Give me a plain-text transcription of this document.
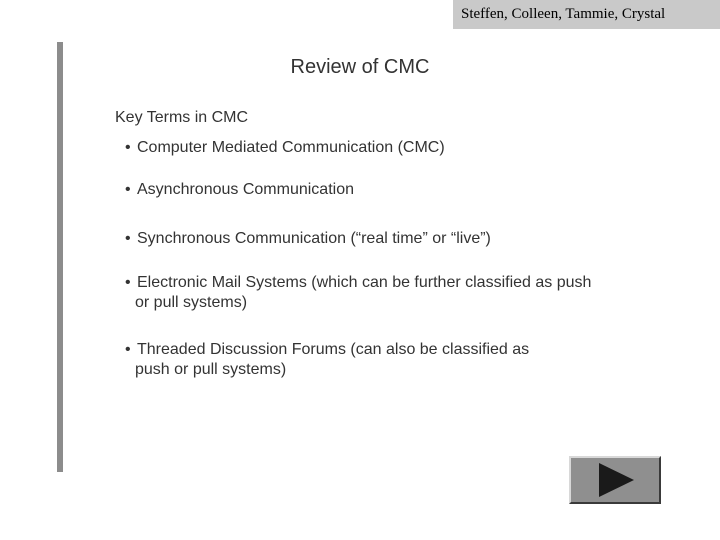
Steffen, Colleen, Tammie, Crystal
Review of CMC
Key Terms in CMC
• Computer Mediated Communication (CMC)
• Asynchronous Communication
• Synchronous Communication (“real time” or “live”)
• Electronic Mail Systems (which can be further classified as push
or pull systems)
• Threaded Discussion Forums (can also be classified as
push or pull systems)
